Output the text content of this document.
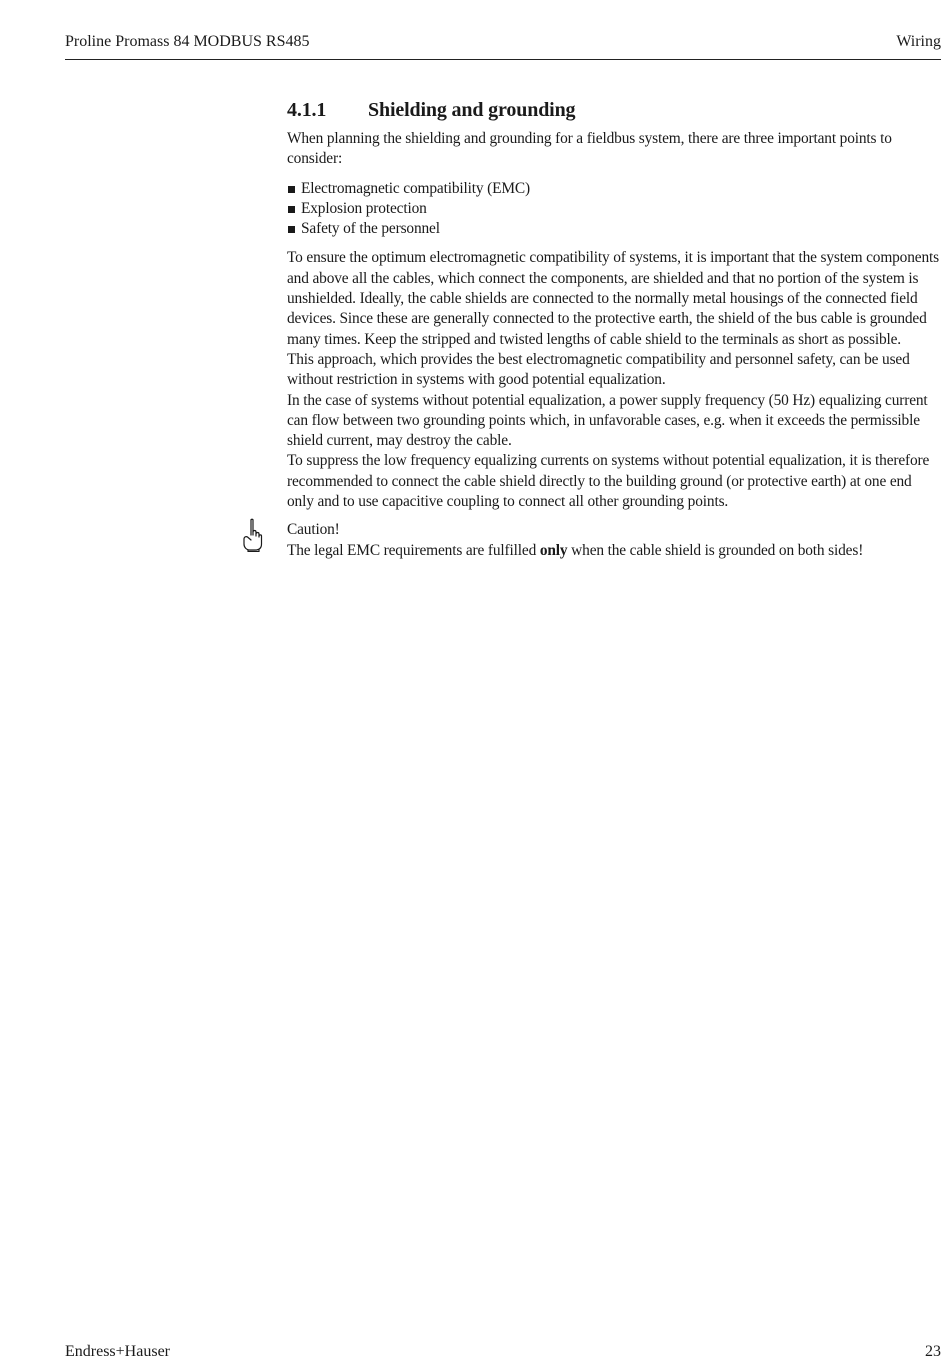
Proline Promass 84 MODBUS RS485	Wiring
4.1.1 Shielding and grounding

When planning the shielding and grounding for a fieldbus system, there are three important points to consider:

Electromagnetic compatibility (EMC)
Explosion protection
Safety of the personnel

To ensure the optimum electromagnetic compatibility of systems, it is important that the system components and above all the cables, which connect the components, are shielded and that no portion of the system is unshielded. Ideally, the cable shields are connected to the normally metal housings of the connected field devices. Since these are generally connected to the protective earth, the shield of the bus cable is grounded many times. Keep the stripped and twisted lengths of cable shield to the terminals as short as possible.

This approach, which provides the best electromagnetic compatibility and personnel safety, can be used without restriction in systems with good potential equalization.

In the case of systems without potential equalization, a power supply frequency (50 Hz) equalizing current can flow between two grounding points which, in unfavorable cases, e.g. when it exceeds the permissible shield current, may destroy the cable.

To suppress the low frequency equalizing currents on systems without potential equalization, it is therefore recommended to connect the cable shield directly to the building ground (or protective earth) at one end only and to use capacitive coupling to connect all other grounding points.

Caution!
The legal EMC requirements are fulfilled only when the cable shield is grounded on both sides!
Endress+Hauser	23
